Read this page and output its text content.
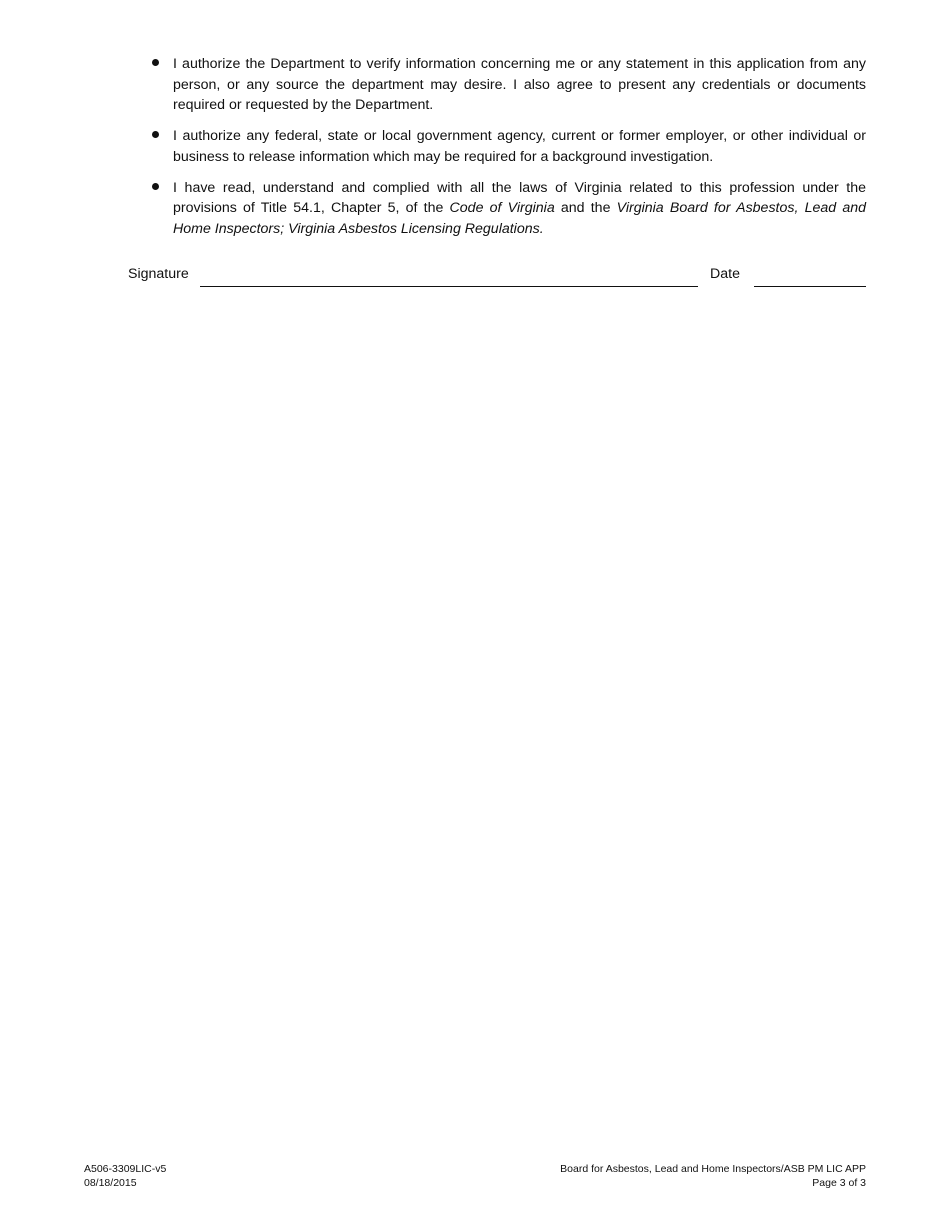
I authorize the Department to verify information concerning me or any statement in this application from any person, or any source the department may desire. I also agree to present any credentials or documents required or requested by the Department.
I authorize any federal, state or local government agency, current or former employer, or other individual or business to release information which may be required for a background investigation.
I have read, understand and complied with all the laws of Virginia related to this profession under the provisions of Title 54.1, Chapter 5, of the Code of Virginia and the Virginia Board for Asbestos, Lead and Home Inspectors; Virginia Asbestos Licensing Regulations.
Signature	Date
A506-3309LIC-v5
08/18/2015
Board for Asbestos, Lead and Home Inspectors/ASB PM LIC APP
Page 3 of 3
